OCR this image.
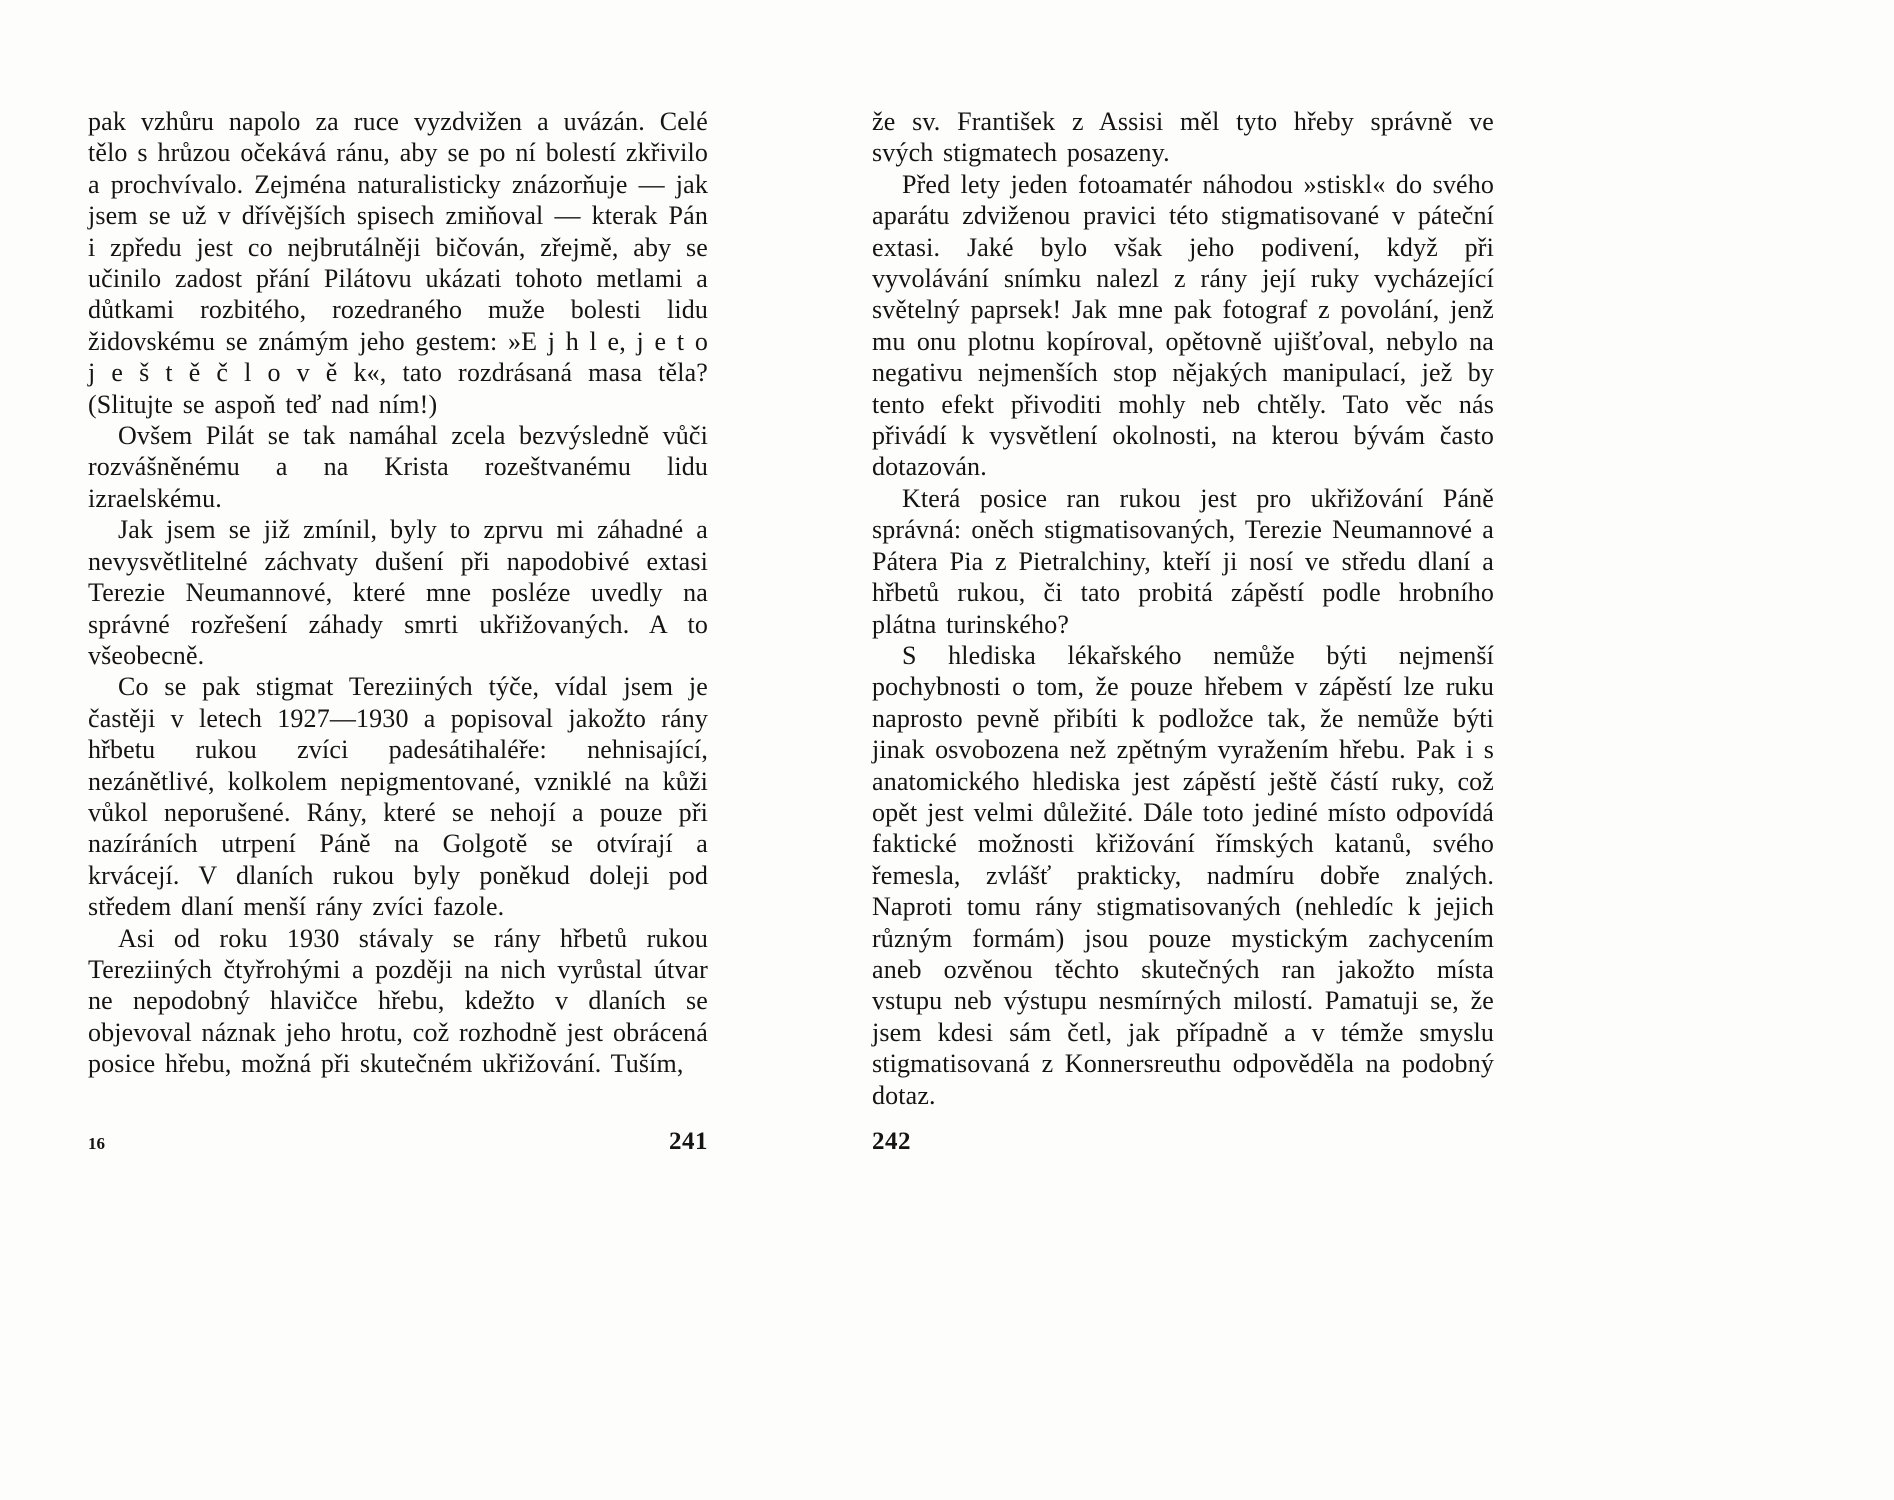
pak vzhůru napolo za ruce vyzdvižen a uvázán. Celé tělo s hrůzou očekává ránu, aby se po ní bolestí zkřivilo a prochvívalo. Zejména naturalisticky znázorňuje — jak jsem se už v dřívějších spisech zmiňoval — kterak Pán i zpředu jest co nejbrutálněji bičován, zřejmě, aby se učinilo zadost přání Pilátovu ukázati tohoto metlami a důtkami rozbitého, rozedraného muže bolesti lidu židovskému se známým jeho gestem: »E j h l e, j e t o j e š t ě č l o v ě k«, tato rozdrásaná masa těla? (Slitujte se aspoň teď nad ním!)

Ovšem Pilát se tak namáhal zcela bezvýsledně vůči rozvášněnému a na Krista rozeštvanému lidu izraelskému.

Jak jsem se již zmínil, byly to zprvu mi záhadné a nevysvětlitelné záchvaty dušení při napodobivé extasi Terezie Neumannové, které mne posléze uvedly na správné rozřešení záhady smrti ukřižovaných. A to všeobecně.

Co se pak stigmat Tereziiných týče, vídal jsem je častěji v letech 1927—1930 a popisoval jakožto rány hřbetu rukou zvíci padesátihaléře: nehnisající, nezánětlivé, kolkolem nepigmentované, vzniklé na kůži vůkol neporušené. Rány, které se nehojí a pouze při nazíráních utrpení Páně na Golgotě se otvírají a krvácejí. V dlaních rukou byly poněkud doleji pod středem dlaní menší rány zvíci fazole.

Asi od roku 1930 stávaly se rány hřbetů rukou Tereziiných čtyřrohými a později na nich vyrůstal útvar ne nepodobný hlavičce hřebu, kdežto v dlaních se objevoval náznak jeho hrotu, což rozhodně jest obrácená posice hřebu, možná při skutečném ukřižování. Tuším,

že sv. František z Assisi měl tyto hřeby správně ve svých stigmatech posazeny.

Před lety jeden fotoamatér náhodou »stiskl« do svého aparátu zdviženou pravici této stigmatisované v páteční extasi. Jaké bylo však jeho podivení, když při vyvolávání snímku nalezl z rány její ruky vycházející světelný paprsek! Jak mne pak fotograf z povolání, jenž mu onu plotnu kopíroval, opětovně ujišťoval, nebylo na negativu nejmenších stop nějakých manipulací, jež by tento efekt přivoditi mohly neb chtěly. Tato věc nás přivádí k vysvětlení okolnosti, na kterou bývám často dotazován.

Která posice ran rukou jest pro ukřižování Páně správná: oněch stigmatisovaných, Terezie Neumannové a Pátera Pia z Pietralchiny, kteří ji nosí ve středu dlaní a hřbetů rukou, či tato probitá zápěstí podle hrobního plátna turinského?

S hlediska lékařského nemůže býti nejmenší pochybnosti o tom, že pouze hřebem v zápěstí lze ruku naprosto pevně přibíti k podložce tak, že nemůže býti jinak osvobozena než zpětným vyražením hřebu. Pak i s anatomického hlediska jest zápěstí ještě částí ruky, což opět jest velmi důležité. Dále toto jediné místo odpovídá faktické možnosti křižování římských katanů, svého řemesla, zvlášť prakticky, nadmíru dobře znalých. Naproti tomu rány stigmatisovaných (nehledíc k jejich různým formám) jsou pouze mystickým zachycením aneb ozvěnou těchto skutečných ran jakožto místa vstupu neb výstupu nesmírných milostí. Pamatuji se, že jsem kdesi sám četl, jak případně a v témže smyslu stigmatisovaná z Konnersreuthu odpověděla na podobný dotaz.

16	241	242
